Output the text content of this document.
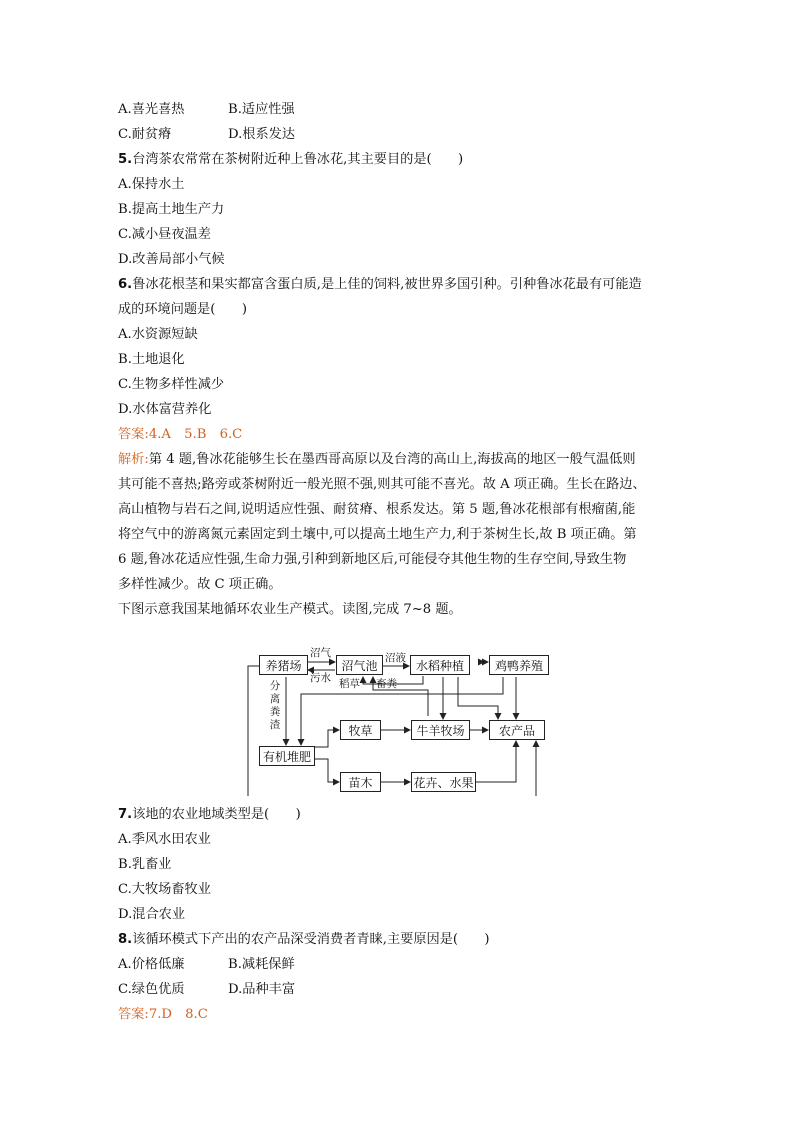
A.喜光喜热	B.适应性强
C.耐贫瘠	D.根系发达
5.台湾茶农常常在茶树附近种上鲁冰花,其主要目的是(　　)
A.保持水土
B.提高土地生产力
C.减小昼夜温差
D.改善局部小气候
6.鲁冰花根茎和果实都富含蛋白质,是上佳的饲料,被世界多国引种。引种鲁冰花最有可能造
成的环境问题是(　　)
A.水资源短缺
B.土地退化
C.生物多样性减少
D.水体富营养化
答案:4.A　5.B　6.C
解析:第 4 题,鲁冰花能够生长在墨西哥高原以及台湾的高山上,海拔高的地区一般气温低则
其可能不喜热;路旁或茶树附近一般光照不强,则其可能不喜光。故 A 项正确。生长在路边、
高山植物与岩石之间,说明适应性强、耐贫瘠、根系发达。第 5 题,鲁冰花根部有根瘤菌,能
将空气中的游离氮元素固定到土壤中,可以提高土地生产力,利于茶树生长,故 B 项正确。第
6 题,鲁冰花适应性强,生命力强,引种到新地区后,可能侵夺其他生物的生存空间,导致生物
多样性减少。故 C 项正确。
下图示意我国某地循环农业生产模式。读图,完成 7~8 题。
养猪场	沼气池	水稻种植	鸡鸭养殖
牧草	牛羊牧场	农产品
有机堆肥
苗木	花卉、水果
沼气
污水
沼液
稻草 畜粪
分
离
粪
渣
7.该地的农业地域类型是(　　)
A.季风水田农业
B.乳畜业
C.大牧场畜牧业
D.混合农业
8.该循环模式下产出的农产品深受消费者青睐,主要原因是(　　)
A.价格低廉	B.减耗保鲜
C.绿色优质	D.品种丰富
答案:7.D　8.C
